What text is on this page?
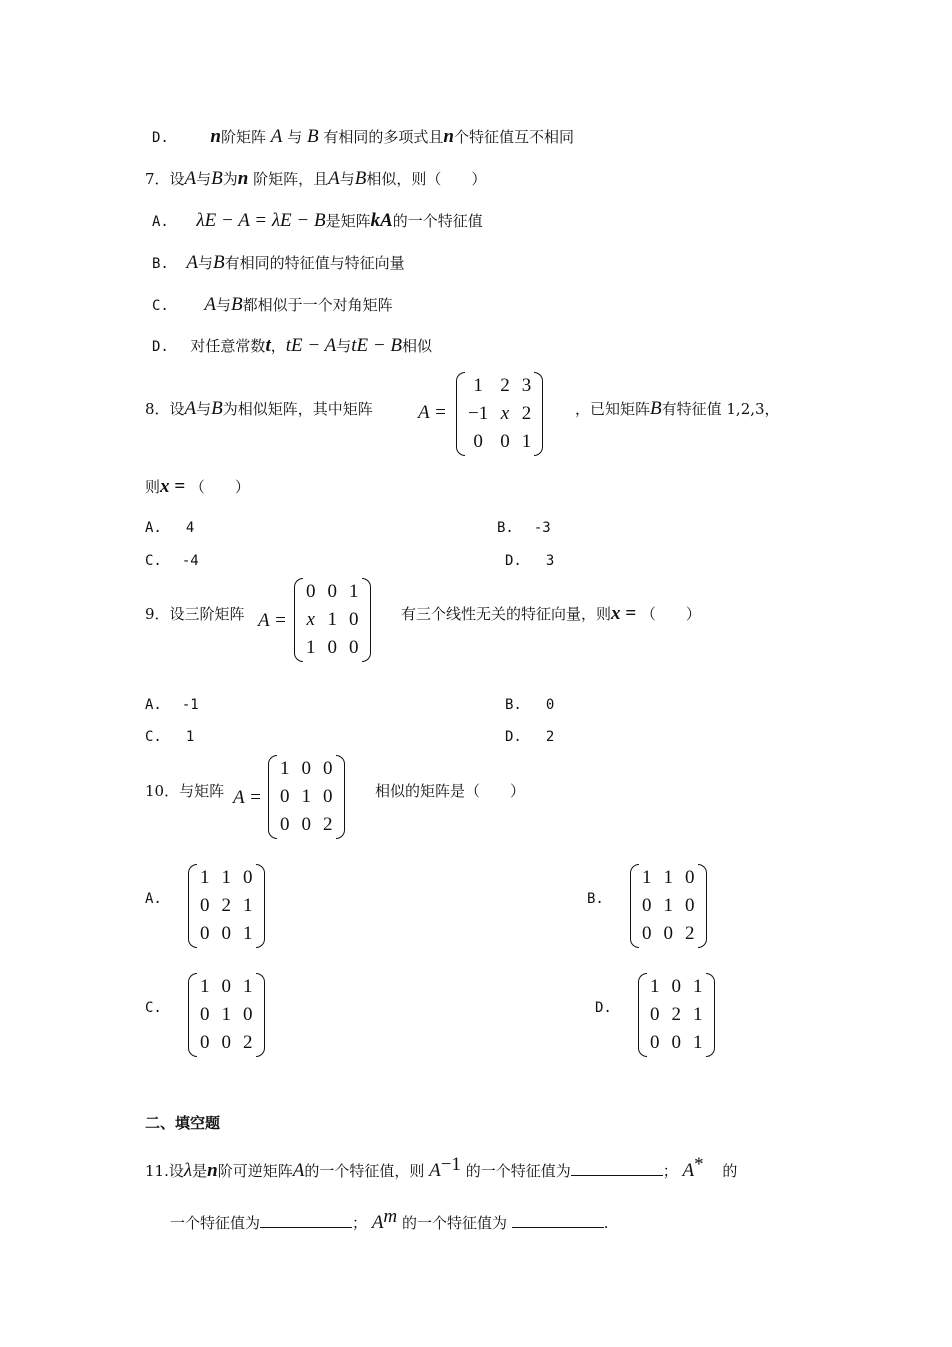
D. n阶矩阵 A 与 B 有相同的多项式且n个特征值互不相同
7．设A与B为n 阶矩阵，且A与B相似，则（　　）
A. λE − A = λE − B是矩阵kA的一个特征值
B. A与B有相同的特征值与特征向量
C. A与B都相似于一个对角矩阵
D. 对任意常数t，tE − A与tE − B相似
8．设A与B为相似矩阵，其中矩阵 A =
1	2	3
−1	x	2
0	0	1
，已知矩阵B有特征值 1,2,3，
则x = （　　）
A. 4	B. -3
C. -4	D. 3
9．设三阶矩阵 A =
0	0	1
x	1	0
1	0	0
有三个线性无关的特征向量，则x = （　　）
A. -1	B. 0
C. 1	D. 2
10．与矩阵 A =
1	0	0
0	1	0
0	0	2
相似的矩阵是（　　）
A.
1	1	0
0	2	1
0	0	1
B.
1	1	0
0	1	0
0	0	2
C.
1	0	1
0	1	0
0	0	2
D.
1	0	1
0	2	1
0	0	1
二、填空题
11.设λ是n阶可逆矩阵A的一个特征值，则 $A^{-1}$ 的一个特征值为	； A* 的
一个特征值为	； $A^m$ 的一个特征值为	.
